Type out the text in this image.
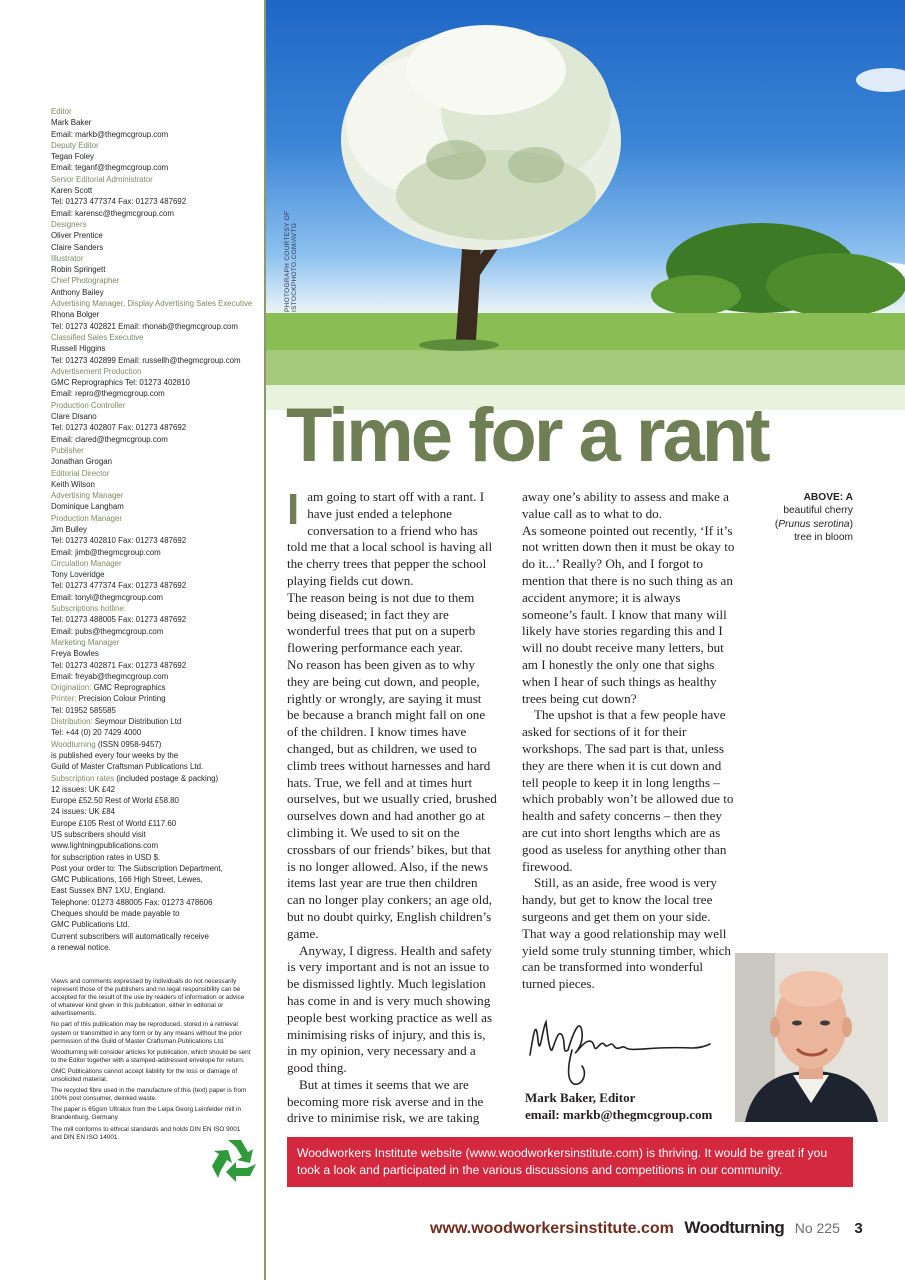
Editor
Mark Baker
Email: markb@thegmcgroup.com
Deputy Editor
Tegan Foley
Email: teganf@thegmcgroup.com
Senior Editorial Administrator
Karen Scott
Tel: 01273 477374 Fax: 01273 487692
Email: karensc@thegmcgroup.com
Designers
Oliver Prentice
Claire Sanders
Illustrator
Robin Springett
Chief Photographer
Anthony Bailey
Advertising Manager, Display Advertising Sales Executive
Rhona Bolger
Tel: 01273 402821 Email: rhonab@thegmcgroup.com
Classified Sales Executive
Russell Higgins
Tel: 01273 402899 Email: russellh@thegmcgroup.com
Advertisement Production
GMC Reprographics Tel: 01273 402810
Email: repro@thegmcgroup.com
Production Controller
Clare Disano
Tel: 01273 402807 Fax: 01273 487692
Email: clared@thegmcgroup.com
Publisher
Jonathan Grogan
Editorial Director
Keith Wilson
Advertising Manager
Dominique Langham
Production Manager
Jim Bulley
Tel: 01273 402810 Fax: 01273 487692
Email: jimb@thegmcgroup.com
Circulation Manager
Tony Loveridge
Tel: 01273 477374 Fax: 01273 487692
Email: tonyl@thegmcgroup.com
Subscriptions hotline:
Tel: 01273 488005 Fax: 01273 487692
Email: pubs@thegmcgroup.com
Marketing Manager
Freya Bowles
Tel: 01273 402871 Fax: 01273 487692
Email: freyab@thegmcgroup.com
Origination: GMC Reprographics
Printer: Precision Colour Printing
Tel: 01952 585585
Distribution: Seymour Distribution Ltd
Tel: +44 (0) 20 7429 4000
Woodturning (ISSN 0958-9457)
is published every four weeks by the
Guild of Master Craftsman Publications Ltd.
Subscription rates (included postage & packing)
12 issues: UK £42
Europe £52.50 Rest of World £58.80
24 issues: UK £84
Europe £105 Rest of World £117.60
US subscribers should visit
www.lightningpublications.com
for subscription rates in USD $.
Post your order to: The Subscription Department,
GMC Publications, 166 High Street, Lewes,
East Sussex BN7 1XU, England.
Telephone: 01273 488005 Fax: 01273 478606
Cheques should be made payable to
GMC Publications Ltd.
Current subscribers will automatically receive
a renewal notice.

Views and comments expressed by individuals do not necessarily represent those of the publishers and no legal responsibility can be accepted for the result of the use by readers of information or advice of whatever kind given in this publication, either in editorial or advertisements.

No part of this publication may be reproduced, stored in a retrieval system or transmitted in any form or by any means without the prior permission of the Guild of Master Craftsman Publications Ltd.

Woodturning will consider articles for publication, which should be sent to the Editor together with a stamped-addressed envelope for return.

GMC Publications cannot accept liability for the loss or damage of unsolicited material.

The recycled fibre used in the manufacture of this (text) paper is from 100% post consumer, deinked waste.

The paper is 65gsm Ultralux from the Leipa Georg Leinfelder mill in Brandenburg, Germany.

The mill conforms to ethical standards and holds DIN EN ISO 9001 and DIN EN ISO 14001.

PHOTOGRAPH COURTESY OF ISTOCKPHOTO.COM/AVTG
Time for a rant

Iam going to start off with a rant. I have just ended a telephone conversation to a friend who has told me that a local school is having all the cherry trees that pepper the school playing fields cut down.

The reason being is not due to them being diseased; in fact they are wonderful trees that put on a superb flowering performance each year.

No reason has been given as to why they are being cut down, and people, rightly or wrongly, are saying it must be because a branch might fall on one of the children. I know times have changed, but as children, we used to climb trees without harnesses and hard hats. True, we fell and at times hurt ourselves, but we usually cried, brushed ourselves down and had another go at climbing it. We used to sit on the crossbars of our friends’ bikes, but that is no longer allowed. Also, if the news items last year are true then children can no longer play conkers; an age old, but no doubt quirky, English children’s game.

Anyway, I digress. Health and safety is very important and is not an issue to be dismissed lightly. Much legislation has come in and is very much showing people best working practice as well as minimising risks of injury, and this is, in my opinion, very necessary and a good thing.

But at times it seems that we are becoming more risk averse and in the drive to minimise risk, we are taking

away one’s ability to assess and make a value call as to what to do.

As someone pointed out recently, ‘If it’s not written down then it must be okay to do it...’ Really? Oh, and I forgot to mention that there is no such thing as an accident anymore; it is always someone’s fault. I know that many will likely have stories regarding this and I will no doubt receive many letters, but am I honestly the only one that sighs when I hear of such things as healthy trees being cut down?

The upshot is that a few people have asked for sections of it for their workshops. The sad part is that, unless they are there when it is cut down and tell people to keep it in long lengths – which probably won’t be allowed due to health and safety concerns – then they are cut into short lengths which are as good as useless for anything other than firewood.

Still, as an aside, free wood is very handy, but get to know the local tree surgeons and get them on your side. That way a good relationship may well yield some truly stunning timber, which can be transformed into wonderful turned pieces.

ABOVE: A
beautiful cherry
(Prunus serotina)
tree in bloom
Mark Baker, Editor
email: markb@thegmcgroup.com
Woodworkers Institute website (www.woodworkersinstitute.com) is thriving. It would be great if you took a look and participated in the various discussions and competitions in our community.
www.woodworkersinstitute.com Woodturning No 225 3
